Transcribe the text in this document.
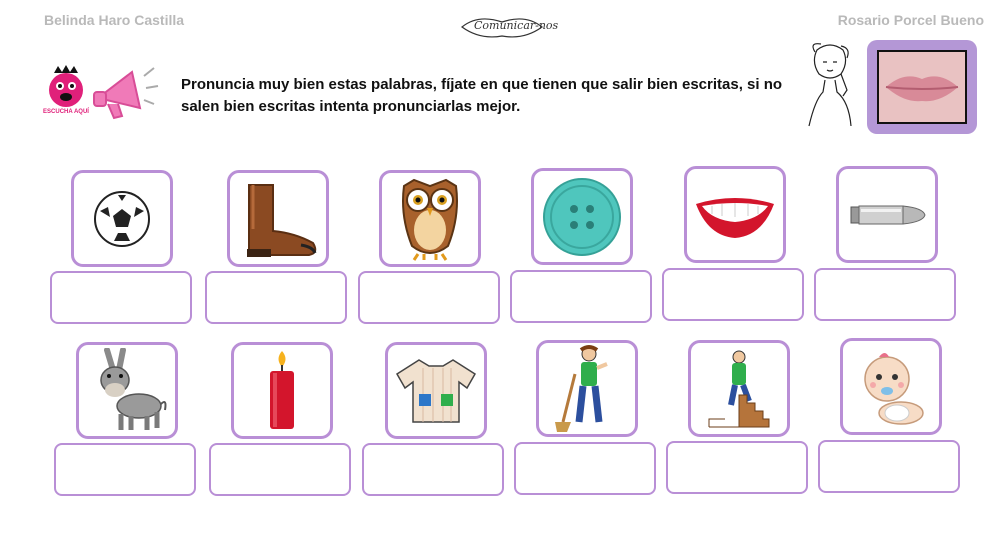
Belinda Haro Castilla	Comunicar-nos	Rosario Porcel Bueno
ESCUCHA AQUÍ
Pronuncia muy bien estas palabras, fíjate en que tienen que salir bien escritas, si no salen bien escritas intenta pronunciarlas mejor.
